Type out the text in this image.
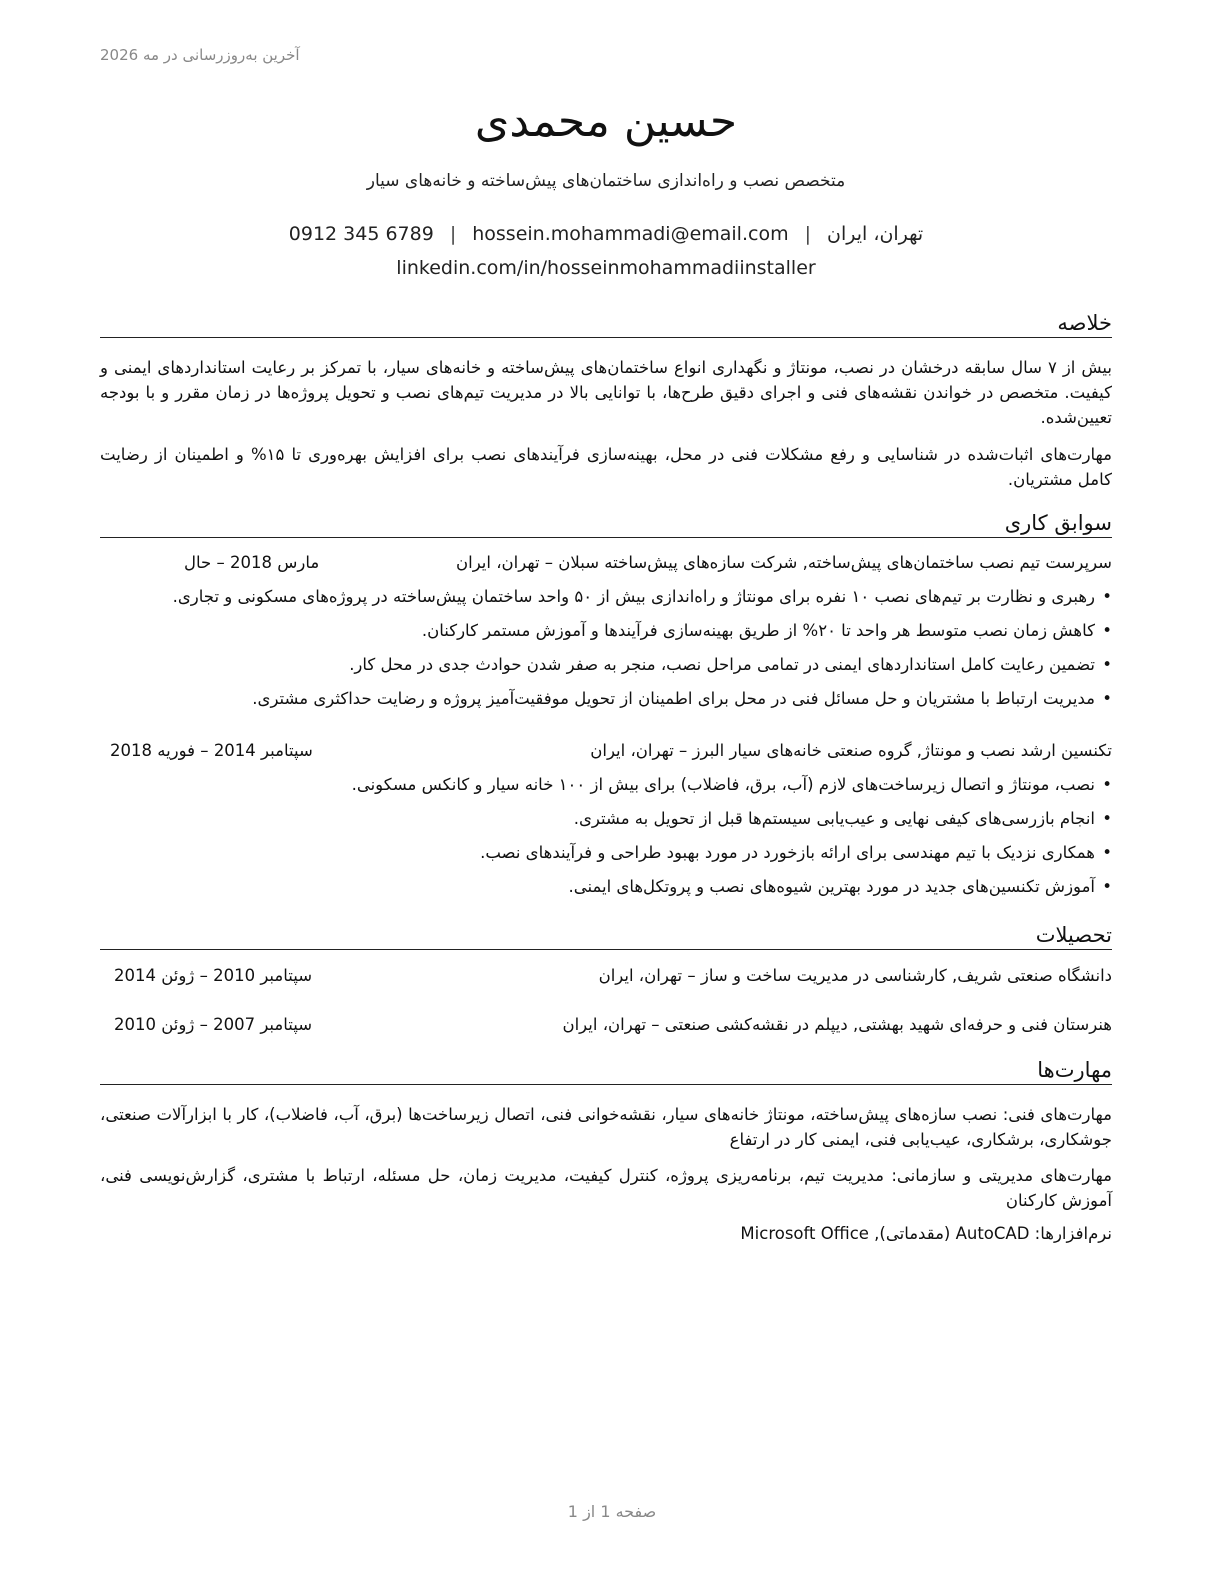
آخرین به‌روزرسانی در مه 2026
حسین محمدی
متخصص نصب و راه‌اندازی ساختمان‌های پیش‌ساخته و خانه‌های سیار
تهران، ایران|hossein.mohammadi@email.com|0912 345 6789
linkedin.com/in/hosseinmohammadiinstaller
خلاصه

بیش از ۷ سال سابقه درخشان در نصب، مونتاژ و نگهداری انواع ساختمان‌های پیش‌ساخته و خانه‌های سیار، با تمرکز بر رعایت استانداردهای ایمنی و کیفیت. متخصص در خواندن نقشه‌های فنی و اجرای دقیق طرح‌ها، با توانایی بالا در مدیریت تیم‌های نصب و تحویل پروژه‌ها در زمان مقرر و با بودجه تعیین‌شده.

مهارت‌های اثبات‌شده در شناسایی و رفع مشکلات فنی در محل، بهینه‌سازی فرآیندهای نصب برای افزایش بهره‌وری تا ۱۵% و اطمینان از رضایت کامل مشتریان.

سوابق کاری
سرپرست تیم نصب ساختمان‌های پیش‌ساخته, شرکت سازه‌های پیش‌ساخته سبلان – تهران، ایران
مارس 2018 – حال
•
رهبری و نظارت بر تیم‌های نصب ۱۰ نفره برای مونتاژ و راه‌اندازی بیش از ۵۰ واحد ساختمان پیش‌ساخته در پروژه‌های مسکونی و تجاری.
•
کاهش زمان نصب متوسط هر واحد تا ۲۰% از طریق بهینه‌سازی فرآیندها و آموزش مستمر کارکنان.
•
تضمین رعایت کامل استانداردهای ایمنی در تمامی مراحل نصب، منجر به صفر شدن حوادث جدی در محل کار.
•
مدیریت ارتباط با مشتریان و حل مسائل فنی در محل برای اطمینان از تحویل موفقیت‌آمیز پروژه و رضایت حداکثری مشتری.
تکنسین ارشد نصب و مونتاژ, گروه صنعتی خانه‌های سیار البرز – تهران، ایران
سپتامبر 2014 – فوریه 2018
•
نصب، مونتاژ و اتصال زیرساخت‌های لازم (آب، برق، فاضلاب) برای بیش از ۱۰۰ خانه سیار و کانکس مسکونی.
•
انجام بازرسی‌های کیفی نهایی و عیب‌یابی سیستم‌ها قبل از تحویل به مشتری.
•
همکاری نزدیک با تیم مهندسی برای ارائه بازخورد در مورد بهبود طراحی و فرآیندهای نصب.
•
آموزش تکنسین‌های جدید در مورد بهترین شیوه‌های نصب و پروتکل‌های ایمنی.
تحصیلات
دانشگاه صنعتی شریف, کارشناسی در مدیریت ساخت و ساز – تهران، ایران
سپتامبر 2010 – ژوئن 2014
هنرستان فنی و حرفه‌ای شهید بهشتی, دیپلم در نقشه‌کشی صنعتی – تهران، ایران
سپتامبر 2007 – ژوئن 2010
مهارت‌ها

مهارت‌های فنی: نصب سازه‌های پیش‌ساخته، مونتاژ خانه‌های سیار، نقشه‌خوانی فنی، اتصال زیرساخت‌ها (برق، آب، فاضلاب)، کار با ابزارآلات صنعتی، جوشکاری، برشکاری، عیب‌یابی فنی، ایمنی کار در ارتفاع

مهارت‌های مدیریتی و سازمانی: مدیریت تیم، برنامه‌ریزی پروژه، کنترل کیفیت، مدیریت زمان، حل مسئله، ارتباط با مشتری، گزارش‌نویسی فنی، آموزش کارکنان

نرم‌افزارها: AutoCAD (مقدماتی), Microsoft Office

صفحه 1 از 1
